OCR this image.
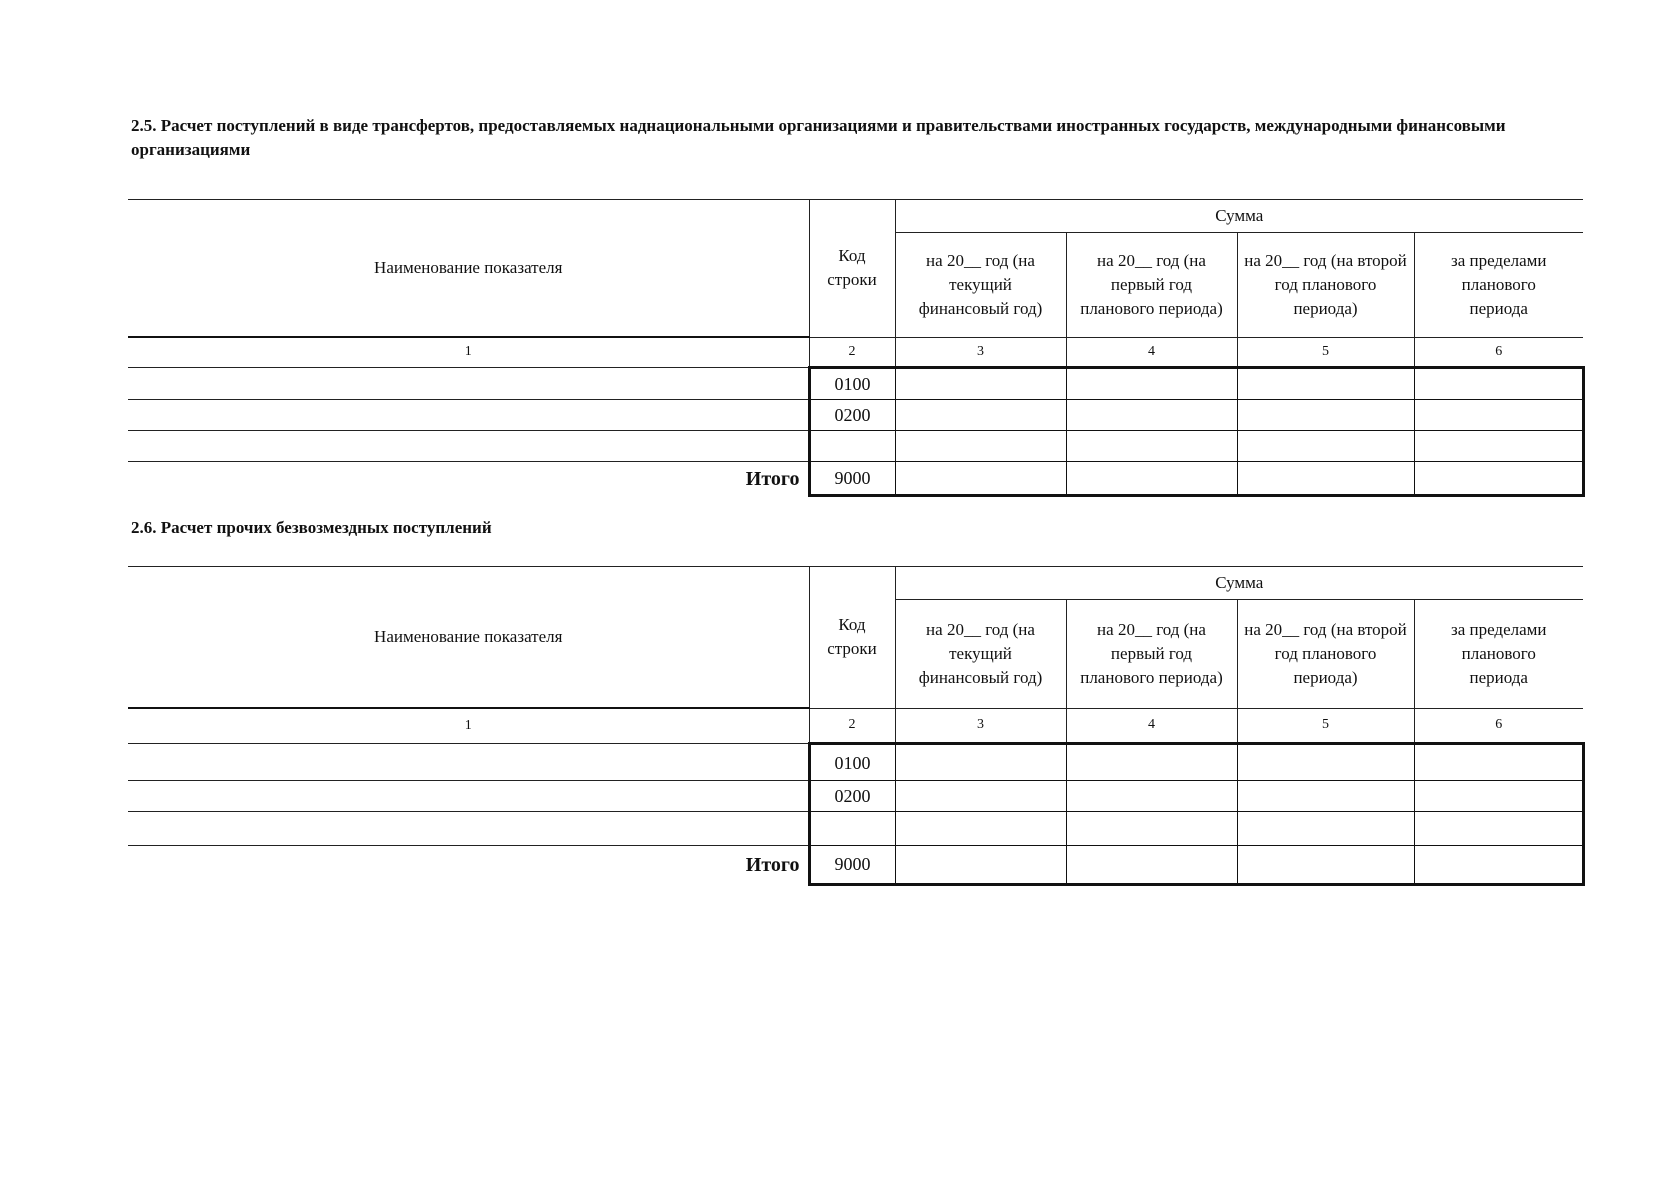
2.5. Расчет поступлений в виде трансфертов, предоставляемых наднациональными организациями и правительствами иностранных государств, международными финансовыми организациями
Наименование показателя	Код строки	Сумма			
		на 20__ год (на текущий финансовый год)	на 20__ год (на первый год планового периода)	на 20__ год (на второй год планового периода)	за пределами планового периода
1	2	3	4	5	6
	0100				
	0200				

Итого	9000				
2.6. Расчет прочих безвозмездных поступлений
Наименование показателя	Код строки	Сумма			
		на 20__ год (на текущий финансовый год)	на 20__ год (на первый год планового периода)	на 20__ год (на второй год планового периода)	за пределами планового периода
1	2	3	4	5	6
	0100				
	0200				

Итого	9000				
